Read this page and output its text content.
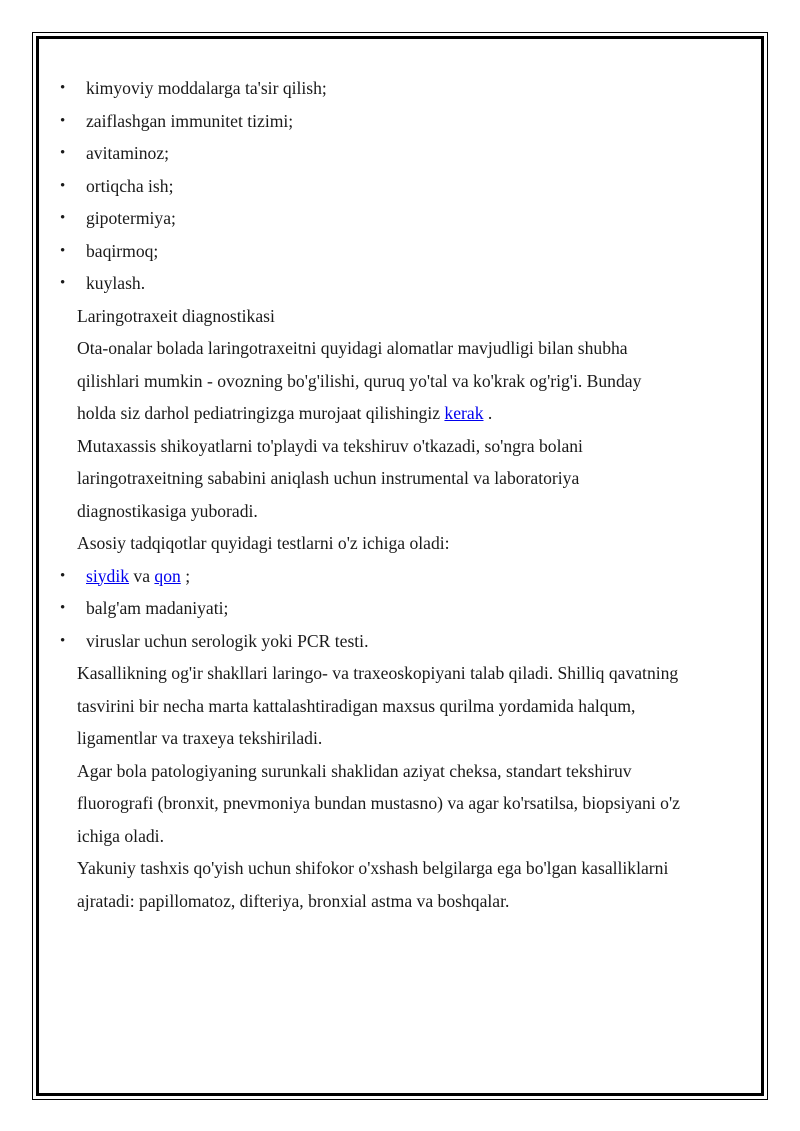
• kimyoviy moddalarga ta'sir qilish;
• zaiflashgan immunitet tizimi;
• avitaminoz;
• ortiqcha ish;
• gipotermiya;
• baqirmoq;
• kuylash.
Laringotraxeit diagnostikasi
Ota-onalar bolada laringotraxeitni quyidagi alomatlar mavjudligi bilan shubha
qilishlari mumkin - ovozning bo'g'ilishi, quruq yo'tal va ko'krak og'rig'i. Bunday
holda siz darhol pediatringizga murojaat qilishingiz kerak .
Mutaxassis shikoyatlarni to'playdi va tekshiruv o'tkazadi, so'ngra bolani
laringotraxeitning sababini aniqlash uchun instrumental va laboratoriya
diagnostikasiga yuboradi.
Asosiy tadqiqotlar quyidagi testlarni o'z ichiga oladi:
• siydik va qon ;
• balg'am madaniyati;
• viruslar uchun serologik yoki PCR testi.
Kasallikning og'ir shakllari laringo- va traxeoskopiyani talab qiladi. Shilliq qavatning
tasvirini bir necha marta kattalashtiradigan maxsus qurilma yordamida halqum,
ligamentlar va traxeya tekshiriladi.
Agar bola patologiyaning surunkali shaklidan aziyat cheksa, standart tekshiruv
fluorografi (bronxit, pnevmoniya bundan mustasno) va agar ko'rsatilsa, biopsiyani o'z
ichiga oladi.
Yakuniy tashxis qo'yish uchun shifokor o'xshash belgilarga ega bo'lgan kasalliklarni
ajratadi: papillomatoz, difteriya, bronxial astma va boshqalar.
